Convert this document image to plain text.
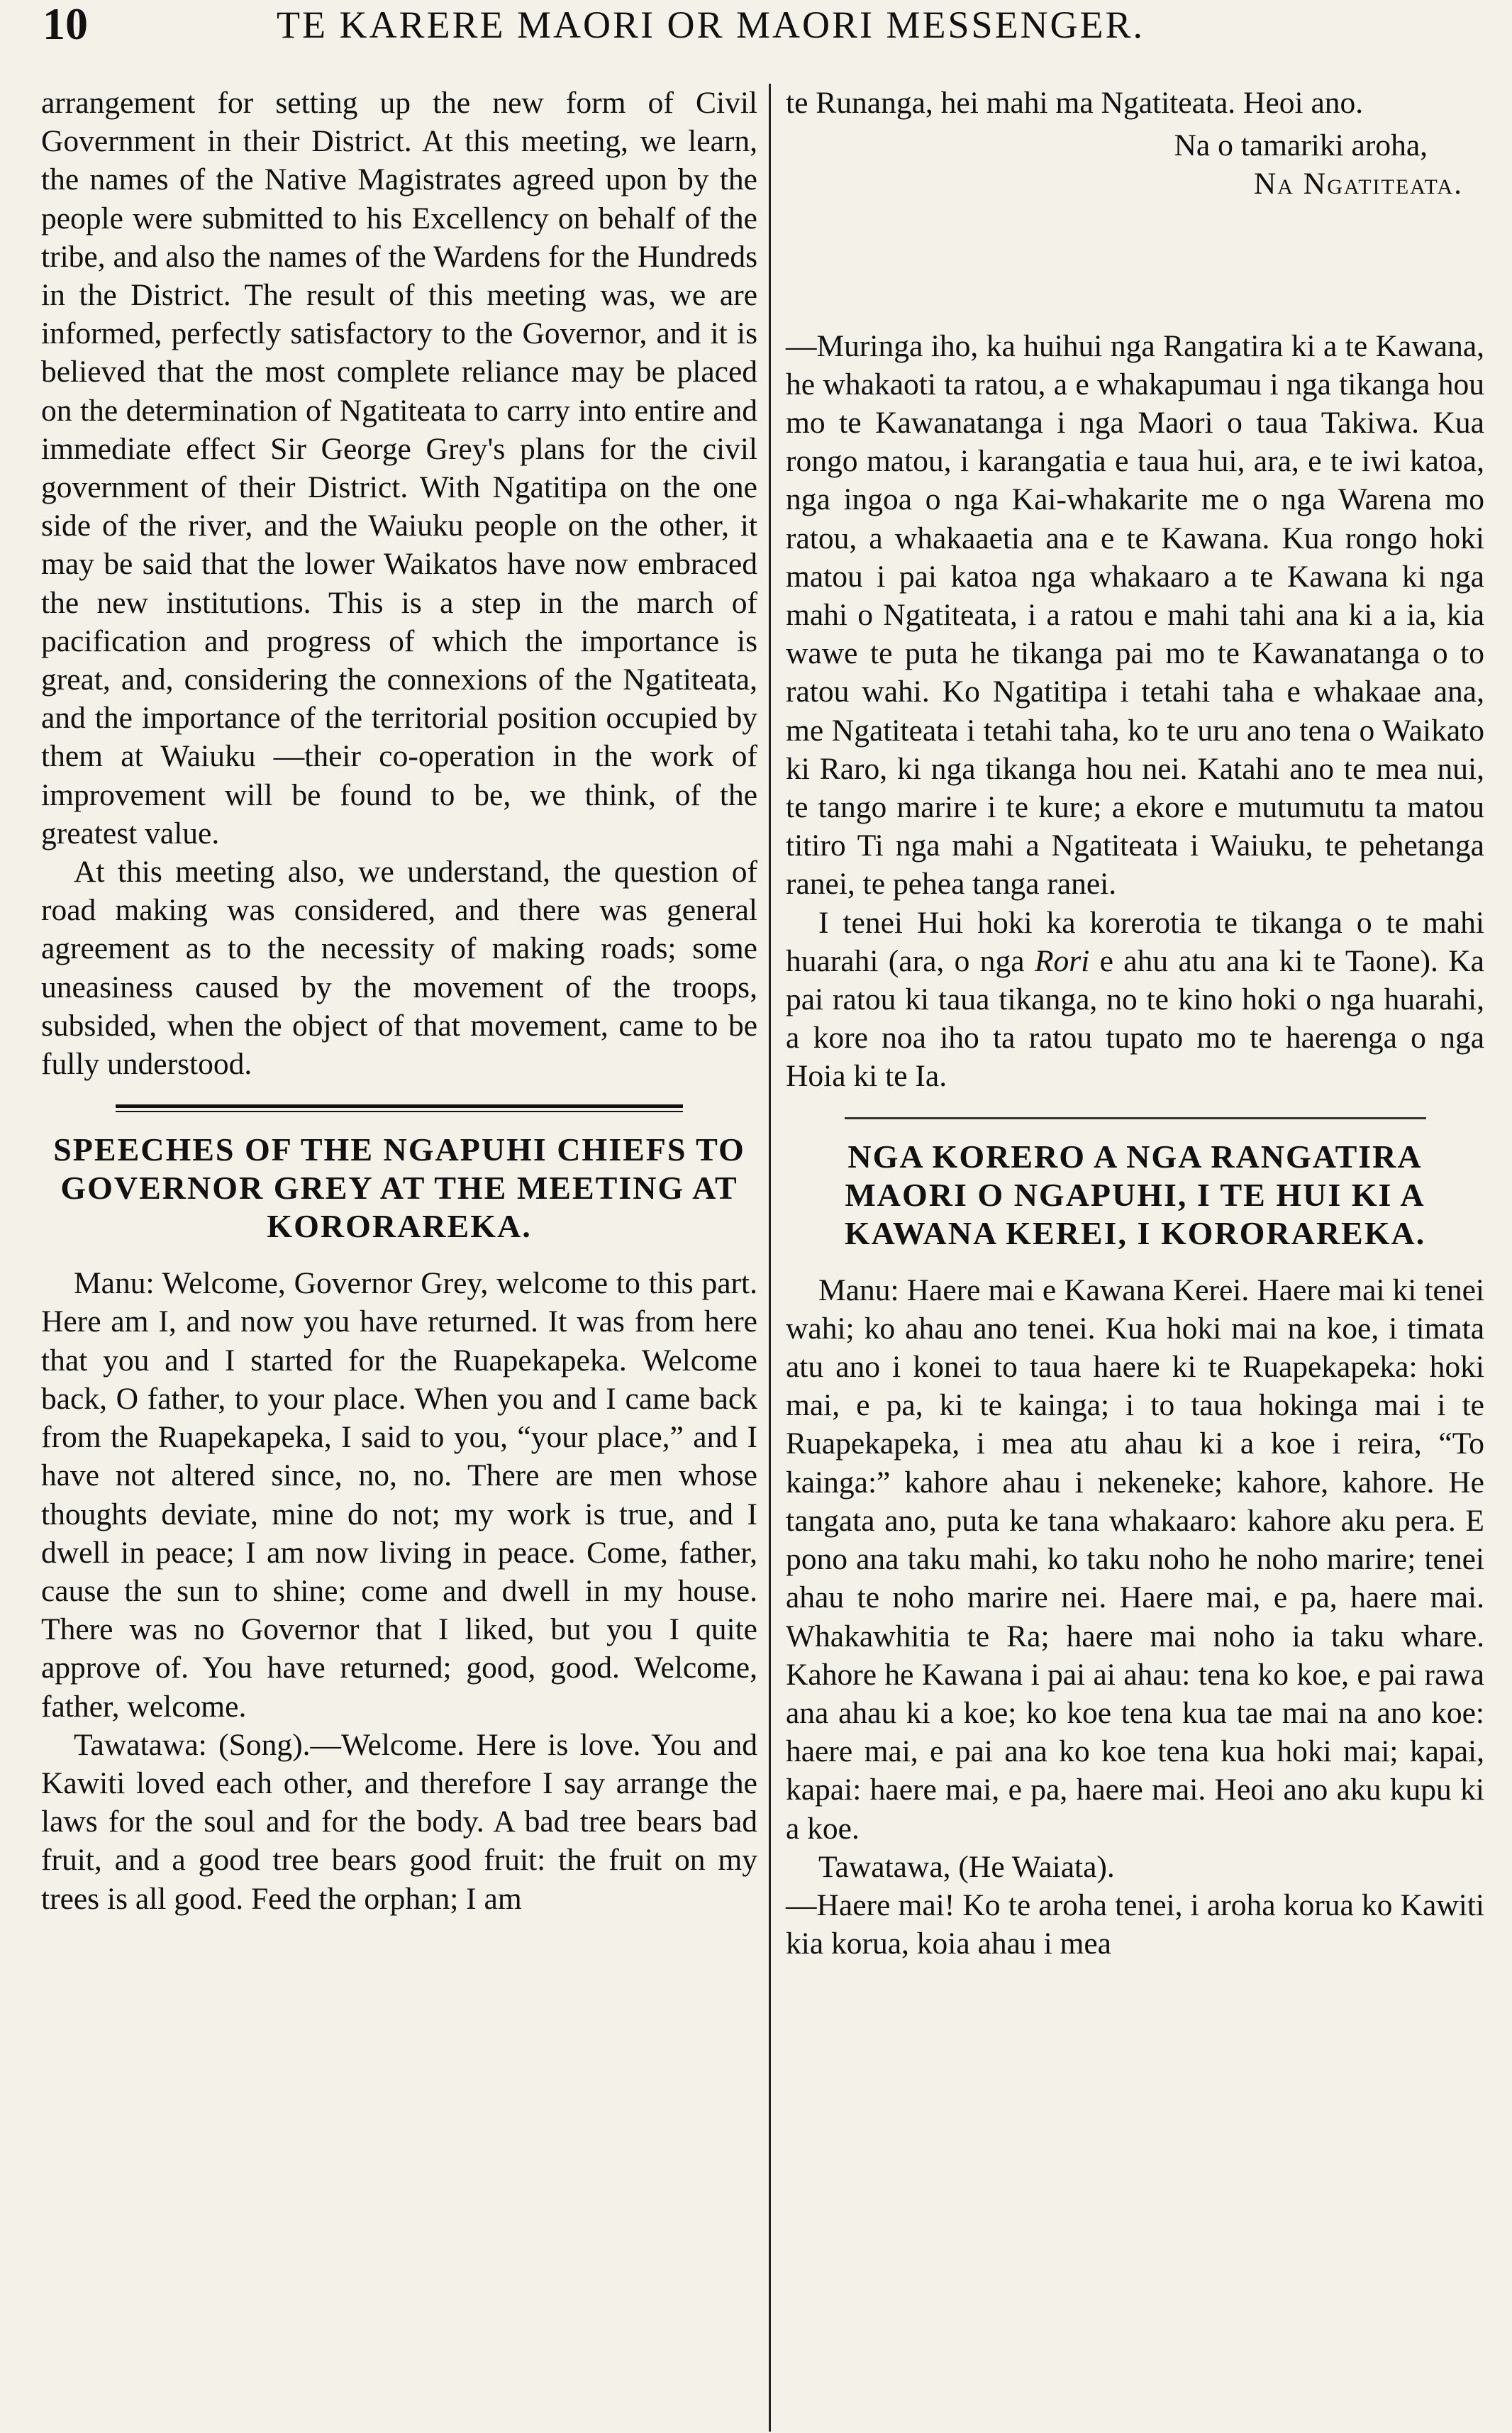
10	TE KARERE MAORI OR MAORI MESSENGER.

arrangement for setting up the new form of Civil Government in their District. At this meeting, we learn, the names of the Native Magistrates agreed upon by the people were submitted to his Excellency on behalf of the tribe, and also the names of the Wardens for the Hundreds in the District. The result of this meeting was, we are informed, perfectly satisfactory to the Governor, and it is believed that the most complete reliance may be placed on the determination of Ngatiteata to carry into entire and immediate effect Sir George Grey's plans for the civil government of their District. With Ngatitipa on the one side of the river, and the Waiuku people on the other, it may be said that the lower Waikatos have now embraced the new institutions. This is a step in the march of pacification and progress of which the importance is great, and, considering the connexions of the Ngatiteata, and the importance of the territorial position occupied by them at Waiuku —their co-operation in the work of improvement will be found to be, we think, of the greatest value.

At this meeting also, we understand, the question of road making was considered, and there was general agreement as to the necessity of making roads; some uneasiness caused by the movement of the troops, subsided, when the object of that movement, came to be fully understood.

SPEECHES OF THE NGAPUHI CHIEFS TO GOVERNOR GREY AT THE MEETING AT KORORAREKA.

Manu: Welcome, Governor Grey, welcome to this part. Here am I, and now you have returned. It was from here that you and I started for the Ruapekapeka. Welcome back, O father, to your place. When you and I came back from the Ruapekapeka, I said to you, “your place,” and I have not altered since, no, no. There are men whose thoughts deviate, mine do not; my work is true, and I dwell in peace; I am now living in peace. Come, father, cause the sun to shine; come and dwell in my house. There was no Governor that I liked, but you I quite approve of. You have returned; good, good. Welcome, father, welcome.

Tawatawa: (Song).—Welcome. Here is love. You and Kawiti loved each other, and therefore I say arrange the laws for the soul and for the body. A bad tree bears bad fruit, and a good tree bears good fruit: the fruit on my trees is all good. Feed the orphan; I am

te Runanga, hei mahi ma Ngatiteata. Heoi ano.

Na o tamariki aroha,

Na Ngatiteata.

—Muringa iho, ka huihui nga Rangatira ki a te Kawana, he whakaoti ta ratou, a e whakapumau i nga tikanga hou mo te Kawanatanga i nga Maori o taua Takiwa. Kua rongo matou, i karangatia e taua hui, ara, e te iwi katoa, nga ingoa o nga Kai-whakarite me o nga Warena mo ratou, a whakaaetia ana e te Kawana. Kua rongo hoki matou i pai katoa nga whakaaro a te Kawana ki nga mahi o Ngatiteata, i a ratou e mahi tahi ana ki a ia, kia wawe te puta he tikanga pai mo te Kawanatanga o to ratou wahi. Ko Ngatitipa i tetahi taha e whakaae ana, me Ngatiteata i tetahi taha, ko te uru ano tena o Waikato ki Raro, ki nga tikanga hou nei. Katahi ano te mea nui, te tango marire i te kure; a ekore e mutumutu ta matou titiro Ti nga mahi a Ngatiteata i Waiuku, te pehetanga ranei, te pehea tanga ranei.

I tenei Hui hoki ka korerotia te tikanga o te mahi huarahi (ara, o nga Rori e ahu atu ana ki te Taone). Ka pai ratou ki taua tikanga, no te kino hoki o nga huarahi, a kore noa iho ta ratou tupato mo te haerenga o nga Hoia ki te Ia.

NGA KORERO A NGA RANGATIRA MAORI O NGAPUHI, I TE HUI KI A KAWANA KEREI, I KORORAREKA.

Manu: Haere mai e Kawana Kerei. Haere mai ki tenei wahi; ko ahau ano tenei. Kua hoki mai na koe, i timata atu ano i konei to taua haere ki te Ruapekapeka: hoki mai, e pa, ki te kainga; i to taua hokinga mai i te Ruapekapeka, i mea atu ahau ki a koe i reira, “To kainga:” kahore ahau i nekeneke; kahore, kahore. He tangata ano, puta ke tana whakaaro: kahore aku pera. E pono ana taku mahi, ko taku noho he noho marire; tenei ahau te noho marire nei. Haere mai, e pa, haere mai. Whakawhitia te Ra; haere mai noho ia taku whare. Kahore he Kawana i pai ai ahau: tena ko koe, e pai rawa ana ahau ki a koe; ko koe tena kua tae mai na ano koe: haere mai, e pai ana ko koe tena kua hoki mai; kapai, kapai: haere mai, e pa, haere mai. Heoi ano aku kupu ki a koe.

Tawatawa, (He Waiata).

—Haere mai! Ko te aroha tenei, i aroha korua ko Kawiti kia korua, koia ahau i mea
